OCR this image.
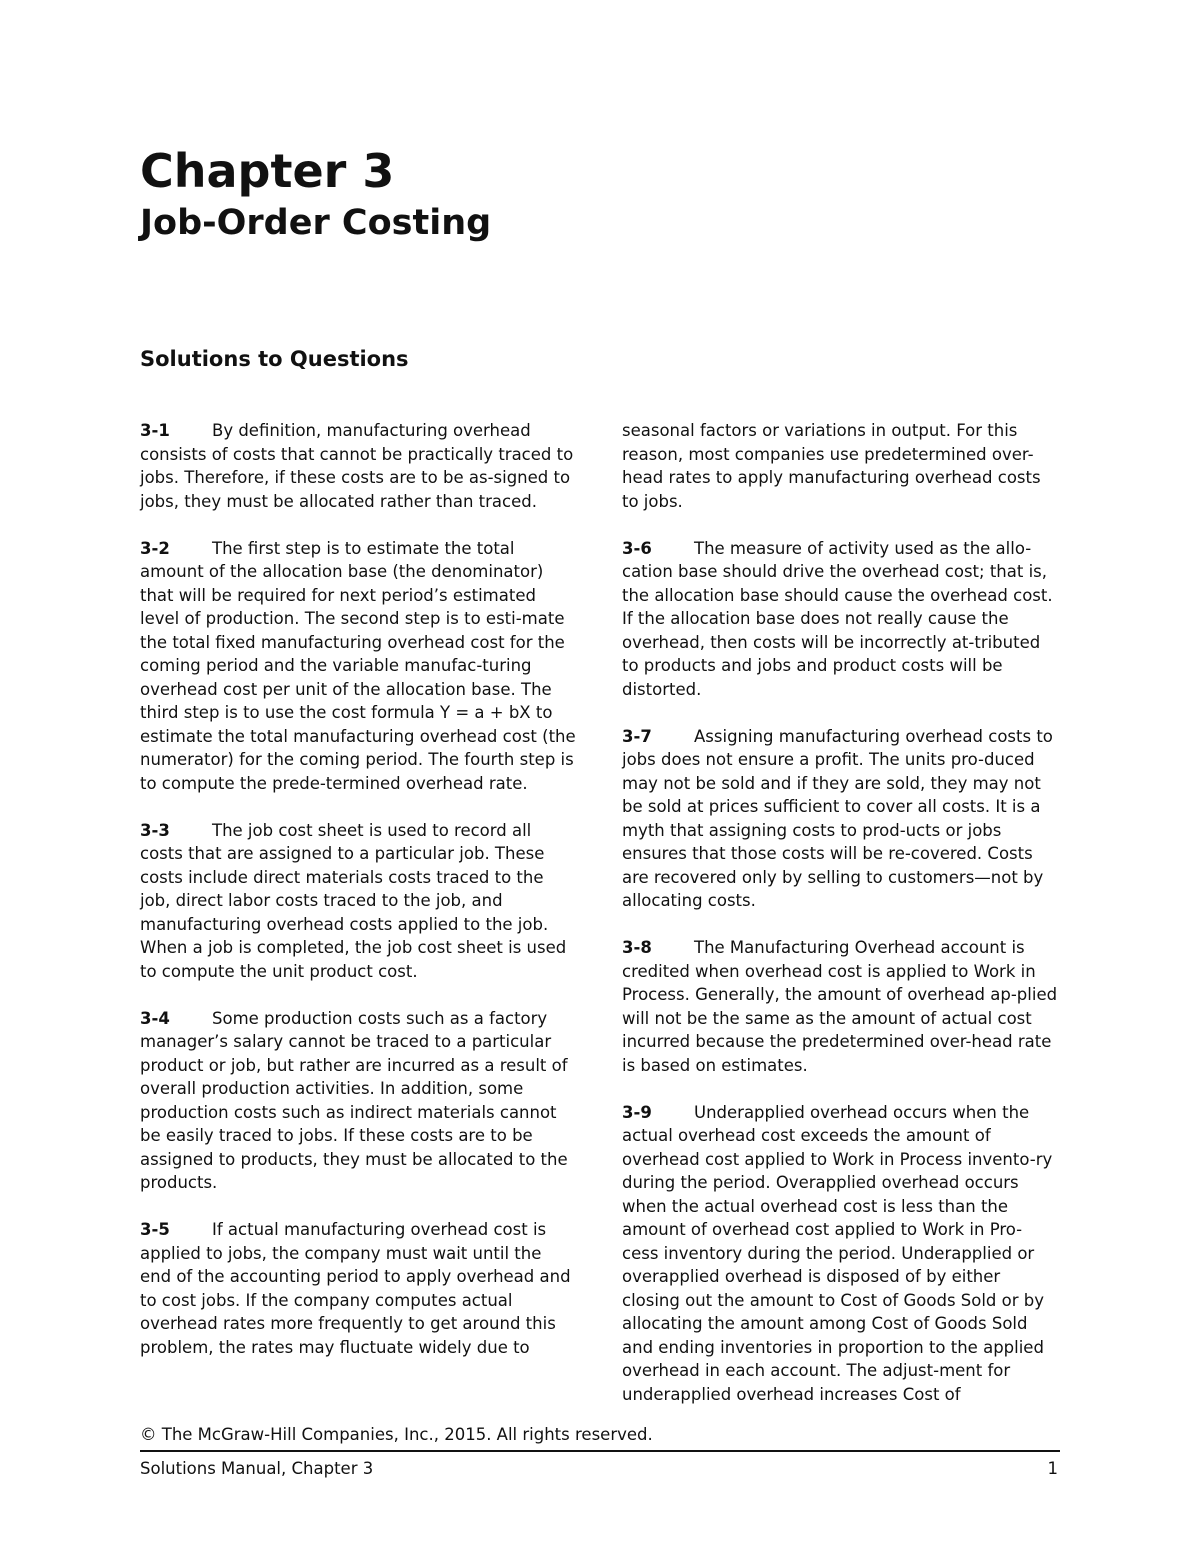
Chapter 3
Job-Order Costing
Solutions to Questions

3-1	By definition, manufacturing overhead consists of costs that cannot be practically traced to jobs. Therefore, if these costs are to be as-signed to jobs, they must be allocated rather than traced.

3-2	The first step is to estimate the total amount of the allocation base (the denominator) that will be required for next period’s estimated level of production. The second step is to esti-mate the total fixed manufacturing overhead cost for the coming period and the variable manufac-turing overhead cost per unit of the allocation base. The third step is to use the cost formula Y = a + bX to estimate the total manufacturing overhead cost (the numerator) for the coming period. The fourth step is to compute the prede-termined overhead rate.

3-3	The job cost sheet is used to record all costs that are assigned to a particular job. These costs include direct materials costs traced to the job, direct labor costs traced to the job, and manufacturing overhead costs applied to the job. When a job is completed, the job cost sheet is used to compute the unit product cost.

3-4	Some production costs such as a factory manager’s salary cannot be traced to a particular product or job, but rather are incurred as a result of overall production activities. In addition, some production costs such as indirect materials cannot be easily traced to jobs. If these costs are to be assigned to products, they must be allocated to the products.

3-5	If actual manufacturing overhead cost is applied to jobs, the company must wait until the end of the accounting period to apply overhead and to cost jobs. If the company computes actual overhead rates more frequently to get around this problem, the rates may fluctuate widely due to

seasonal factors or variations in output. For this reason, most companies use predetermined over-head rates to apply manufacturing overhead costs to jobs.

3-6	The measure of activity used as the allo-cation base should drive the overhead cost; that is, the allocation base should cause the overhead cost. If the allocation base does not really cause the overhead, then costs will be incorrectly at-tributed to products and jobs and product costs will be distorted.

3-7	Assigning manufacturing overhead costs to jobs does not ensure a profit. The units pro-duced may not be sold and if they are sold, they may not be sold at prices sufficient to cover all costs. It is a myth that assigning costs to prod-ucts or jobs ensures that those costs will be re-covered. Costs are recovered only by selling to customers—not by allocating costs.

3-8	The Manufacturing Overhead account is credited when overhead cost is applied to Work in Process. Generally, the amount of overhead ap-plied will not be the same as the amount of actual cost incurred because the predetermined over-head rate is based on estimates.

3-9	Underapplied overhead occurs when the actual overhead cost exceeds the amount of overhead cost applied to Work in Process invento-ry during the period. Overapplied overhead occurs when the actual overhead cost is less than the amount of overhead cost applied to Work in Pro-cess inventory during the period. Underapplied or overapplied overhead is disposed of by either closing out the amount to Cost of Goods Sold or by allocating the amount among Cost of Goods Sold and ending inventories in proportion to the applied overhead in each account. The adjust-ment for underapplied overhead increases Cost of

© The McGraw-Hill Companies, Inc., 2015. All rights reserved.
Solutions Manual, Chapter 3	1
